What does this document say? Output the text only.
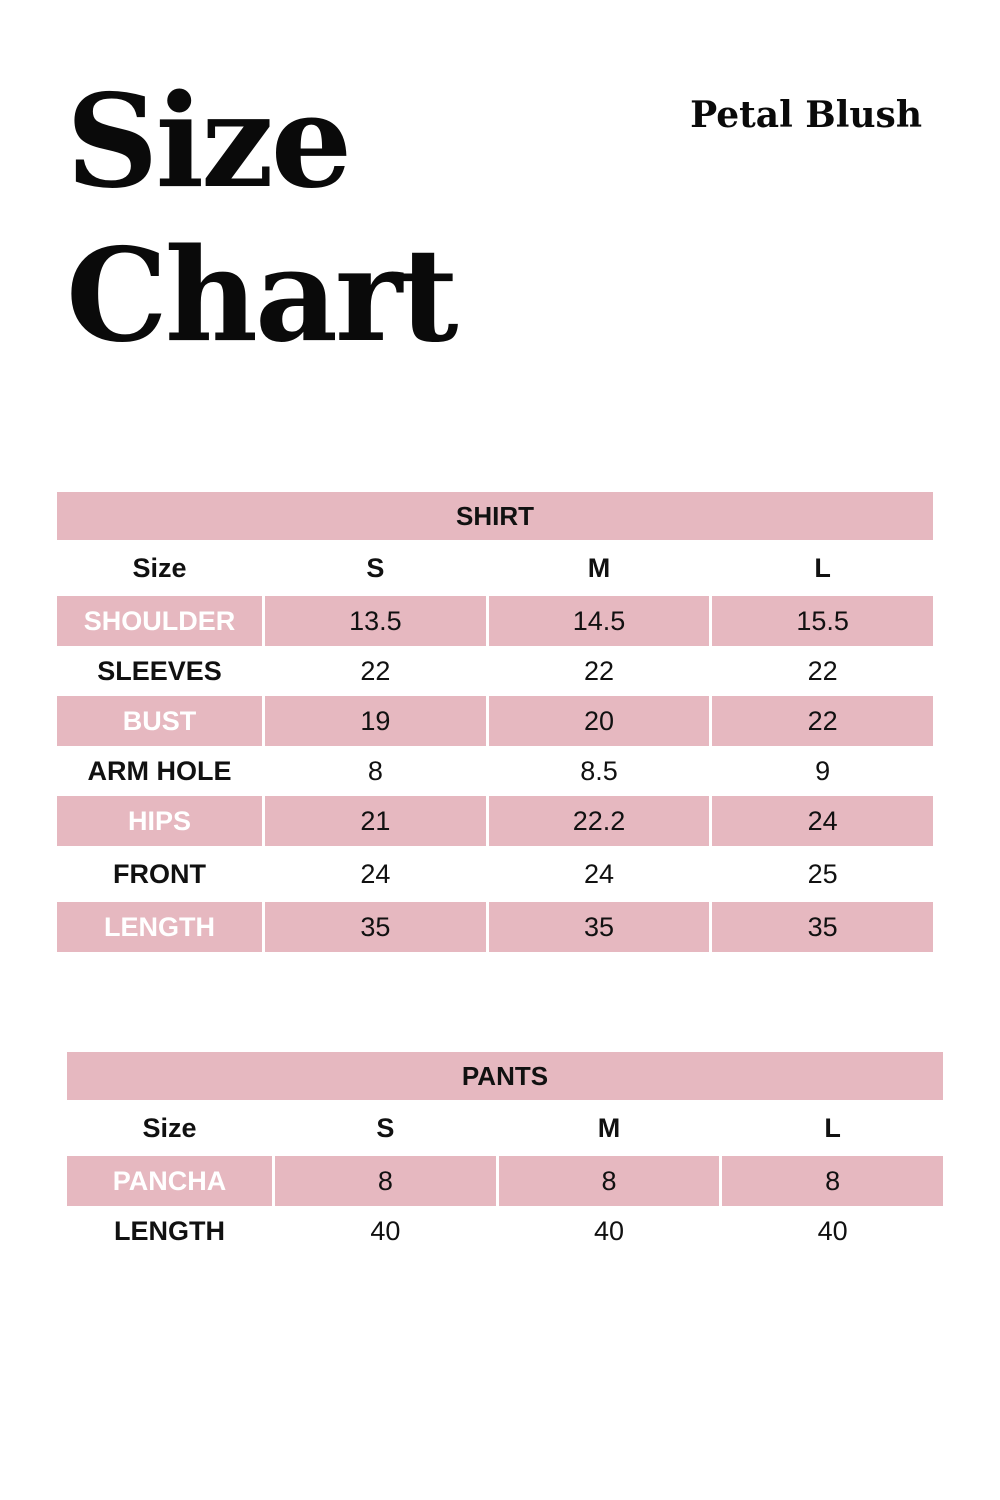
Size
Chart
Petal Blush
SHIRT
Size	S	M	L
SHOULDER	13.5	14.5	15.5
SLEEVES	22	22	22
BUST	19	20	22
ARM HOLE	8	8.5	9
HIPS	21	22.2	24
FRONT	24	24	25
LENGTH	35	35	35
PANTS
Size	S	M	L
PANCHA	8	8	8
LENGTH	40	40	40
